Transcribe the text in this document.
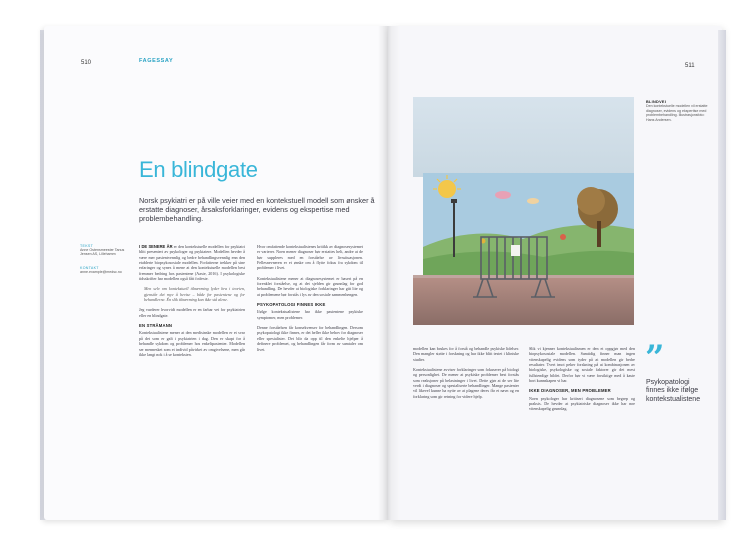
510	FAGESSAY
En blindgate
Norsk psykiatri er på ville veier med en kontekstuell modell som ønsker å erstatte diagnoser, årsaksforklaringer, evidens og ekspertise med problembehandling.
TEKST
Anne Ostensmeester Tanus Jensen AS, Lillehamm
KONTAKT
anne.example@medsc.no

I DE SENERE ÅR er den kontekstuelle modellen for psykiatri blitt presentert av psykologer og psykiatere. Modellen hevder å være mer pasientvennlig og bedre behandlingsvennlig enn den etablerte biopsykososiale modellen. Forfatterne trekker på sine erfaringer og synes å mene at den kontekstuelle modellen best fremmer bedring hos pasientene (Aaste, 2016). I psykologiske tidsskrifter har modellen også fått fotfeste.

Men selv om kontekstuell tilnærming lyder bra i teorien, gjenstår det mye å bevise – både for pasientene og for behandlerne. Én slik tilnærming kan ikke stå alene.

Jeg vurderer hvorvidt modellen er en farbar vei for psykiatrien eller en blindgate.

EN STRÅMANN

Kontekstualistene mener at den medisinske modellen er et svar på det som er galt i psykiatrien i dag. Den er skapt for å behandle sykdom og problemer hos enkeltpasienter. Modellen ser mennesket som et individ påvirket av omgivelsene, men går ikke langt nok i å se konteksten.

Hvor omfattende kontekstualistenes kritikk av diagnosesystemet er varierer. Noen mener diagnoser bør erstattes helt, andre at de bør suppleres med en forståelse av livssituasjonen. Fellesnevneren er et ønske om å flytte fokus fra sykdom til problemer i livet.

Kontekstualistene mener at diagnosesystemet er basert på en forenklet forståelse, og at det sjelden gir grunnlag for god behandling. De hevder at biologiske forklaringer har gitt lite og at problemene bør forstås i lys av den sosiale sammenhengen.

PSYKOPATOLOGI FINNES IKKE

Ifølge kontekstualistene har ikke pasientene psykiske symptomer, men problemer.

Denne forståelsen får konsekvenser for behandlingen. Dersom psykopatologi ikke finnes, er det heller ikke behov for diagnoser eller spesialister. Det blir da opp til den enkelte hjelper å definere problemet, og behandlingen får form av samtaler om livet.

511
BLINDVEI
Den kontekstuelle modellen vil erstatte diagnoser, evidens og ekspertise med problembehandling. Illustrasjonsfoto: Hans Andersen.

modellen kan brukes for å forstå og behandle psykiske lidelser. Den mangler støtte i forskning og har ikke blitt testet i kliniske studier.

Kontekstualistene avviser forklaringer som fokuserer på biologi og personlighet. De mener at psykiske problemer best forstås som reaksjoner på belastninger i livet. Dette gjør at de ser lite verdi i diagnoser og spesialiserte behandlinger. Mange pasienter vil likevel kunne ha nytte av at plagene deres får et navn og en forklaring som gir retning for videre hjelp.

Slik vi kjenner kontekstualismen er den et oppgjør med den biopsykososiale modellen. Samtidig finner man ingen vitenskapelig evidens som tyder på at modellen gir bedre resultater. Tvert imot peker forskning på at kombinasjonen av biologiske, psykologiske og sosiale faktorer gir det mest fullstendige bildet. Derfor bør vi være forsiktige med å kaste bort kunnskapen vi har.

IKKE DIAGNOSER, MEN PROBLEMER

Noen psykologer har kritisert diagnosene som begrep og praksis. De hevder at psykiatriske diagnoser ikke har noe vitenskapelig grunnlag.

”
Psykopatologi finnes ikke ifølge kontekstualistene
